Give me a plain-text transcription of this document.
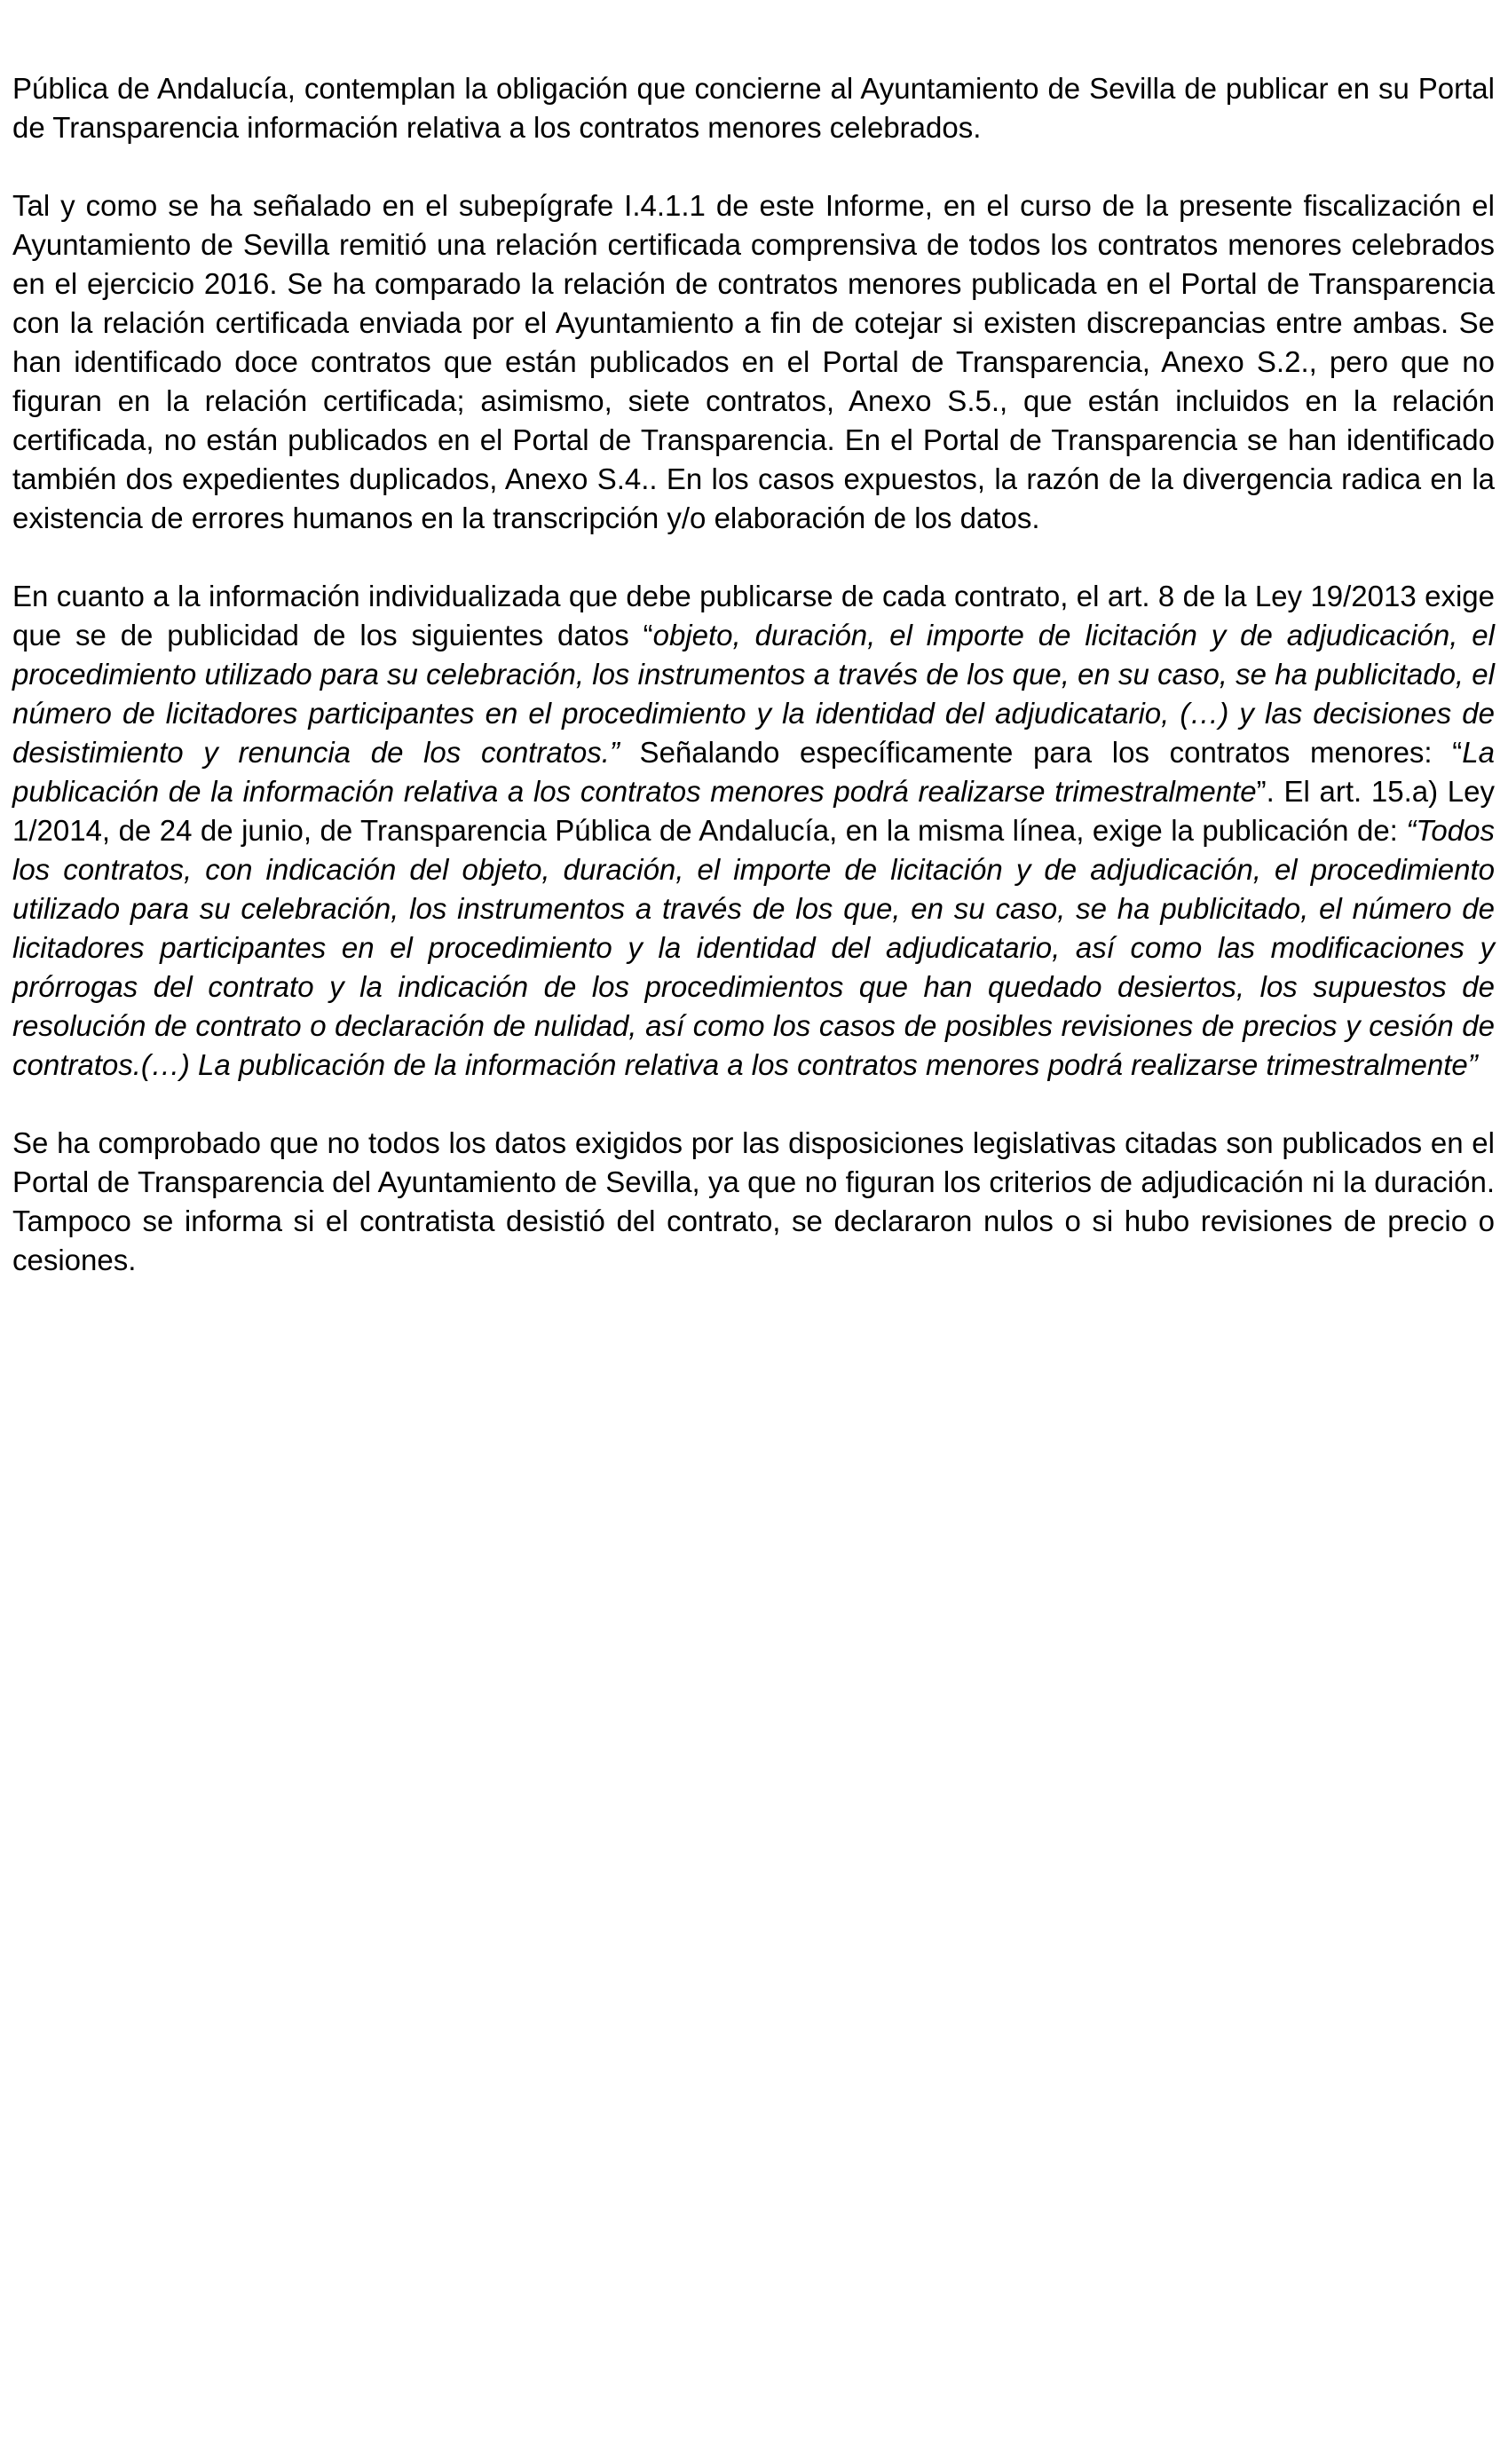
Pública de Andalucía, contemplan la obligación que concierne al Ayuntamiento de Sevilla de publicar en su Portal de Transparencia información relativa a los contratos menores celebrados.

Tal y como se ha señalado en el subepígrafe I.4.1.1 de este Informe, en el curso de la presente fiscalización el Ayuntamiento de Sevilla remitió una relación certificada comprensiva de todos los contratos menores celebrados en el ejercicio 2016. Se ha comparado la relación de contratos menores publicada en el Portal de Transparencia con la relación certificada enviada por el Ayuntamiento a fin de cotejar si existen discrepancias entre ambas. Se han identificado doce contratos que están publicados en el Portal de Transparencia, Anexo S.2., pero que no figuran en la relación certificada; asimismo, siete contratos, Anexo S.5., que están incluidos en la relación certificada, no están publicados en el Portal de Transparencia. En el Portal de Transparencia se han identificado también dos expedientes duplicados, Anexo S.4.. En los casos expuestos, la razón de la divergencia radica en la existencia de errores humanos en la transcripción y/o elaboración de los datos.

En cuanto a la información individualizada que debe publicarse de cada contrato, el art. 8 de la Ley 19/2013 exige que se de publicidad de los siguientes datos “objeto, duración, el importe de licitación y de adjudicación, el procedimiento utilizado para su celebración, los instrumentos a través de los que, en su caso, se ha publicitado, el número de licitadores participantes en el procedimiento y la identidad del adjudicatario, (…) y las decisiones de desistimiento y renuncia de los contratos.” Señalando específicamente para los contratos menores: “La publicación de la información relativa a los contratos menores podrá realizarse trimestralmente”. El art. 15.a) Ley 1/2014, de 24 de junio, de Transparencia Pública de Andalucía, en la misma línea, exige la publicación de: “Todos los contratos, con indicación del objeto, duración, el importe de licitación y de adjudicación, el procedimiento utilizado para su celebración, los instrumentos a través de los que, en su caso, se ha publicitado, el número de licitadores participantes en el procedimiento y la identidad del adjudicatario, así como las modificaciones y prórrogas del contrato y la indicación de los procedimientos que han quedado desiertos, los supuestos de resolución de contrato o declaración de nulidad, así como los casos de posibles revisiones de precios y cesión de contratos.(…) La publicación de la información relativa a los contratos menores podrá realizarse trimestralmente”

Se ha comprobado que no todos los datos exigidos por las disposiciones legislativas citadas son publicados en el Portal de Transparencia del Ayuntamiento de Sevilla, ya que no figuran los criterios de adjudicación ni la duración. Tampoco se informa si el contratista desistió del contrato, se declararon nulos o si hubo revisiones de precio o cesiones.
